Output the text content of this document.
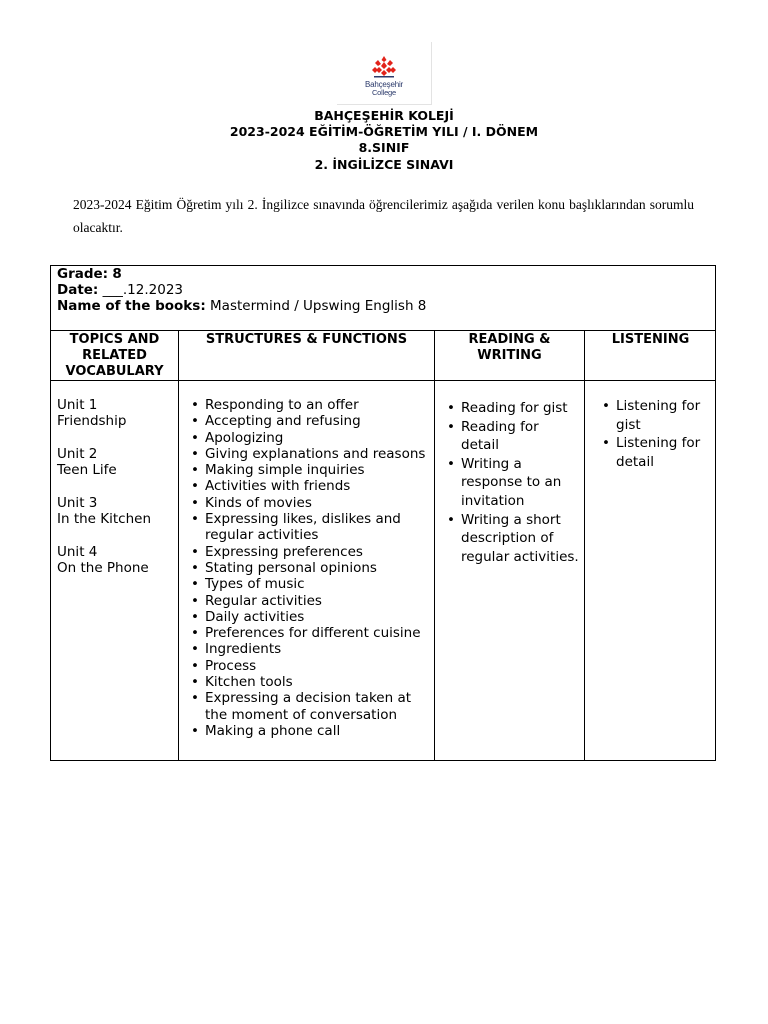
Bahçeşehir
College
BAHÇEŞEHİR KOLEJİ
2023-2024 EĞİTİM-ÖĞRETİM YILI / I. DÖNEM
8.SINIF
2. İNGİLİZCE SINAVI

2023-2024 Eğitim Öğretim yılı 2. İngilizce sınavında öğrencilerimiz aşağıda verilen konu başlıklarından sorumlu olacaktır.

Grade: 8
Date: ___.12.2023
Name of the books: Mastermind / Upswing English 8
TOPICS AND
RELATED
VOCABULARY
STRUCTURES & FUNCTIONS	READING &
WRITING
LISTENING
Unit 1
Friendship
Unit 2
Teen Life
Unit 3
In the Kitchen
Unit 4
On the Phone
• Responding to an offer
• Accepting and refusing
• Apologizing
• Giving explanations and reasons
• Making simple inquiries
• Activities with friends
• Kinds of movies
• Expressing likes, dislikes and regular activities
• Expressing preferences
• Stating personal opinions
• Types of music
• Regular activities
• Daily activities
• Preferences for different cuisine
• Ingredients
• Process
• Kitchen tools
• Expressing a decision taken at the moment of conversation
• Making a phone call
• Reading for gist
• Reading for detail
• Writing a response to an invitation
• Writing a short description of regular activities.
• Listening for gist
• Listening for detail
